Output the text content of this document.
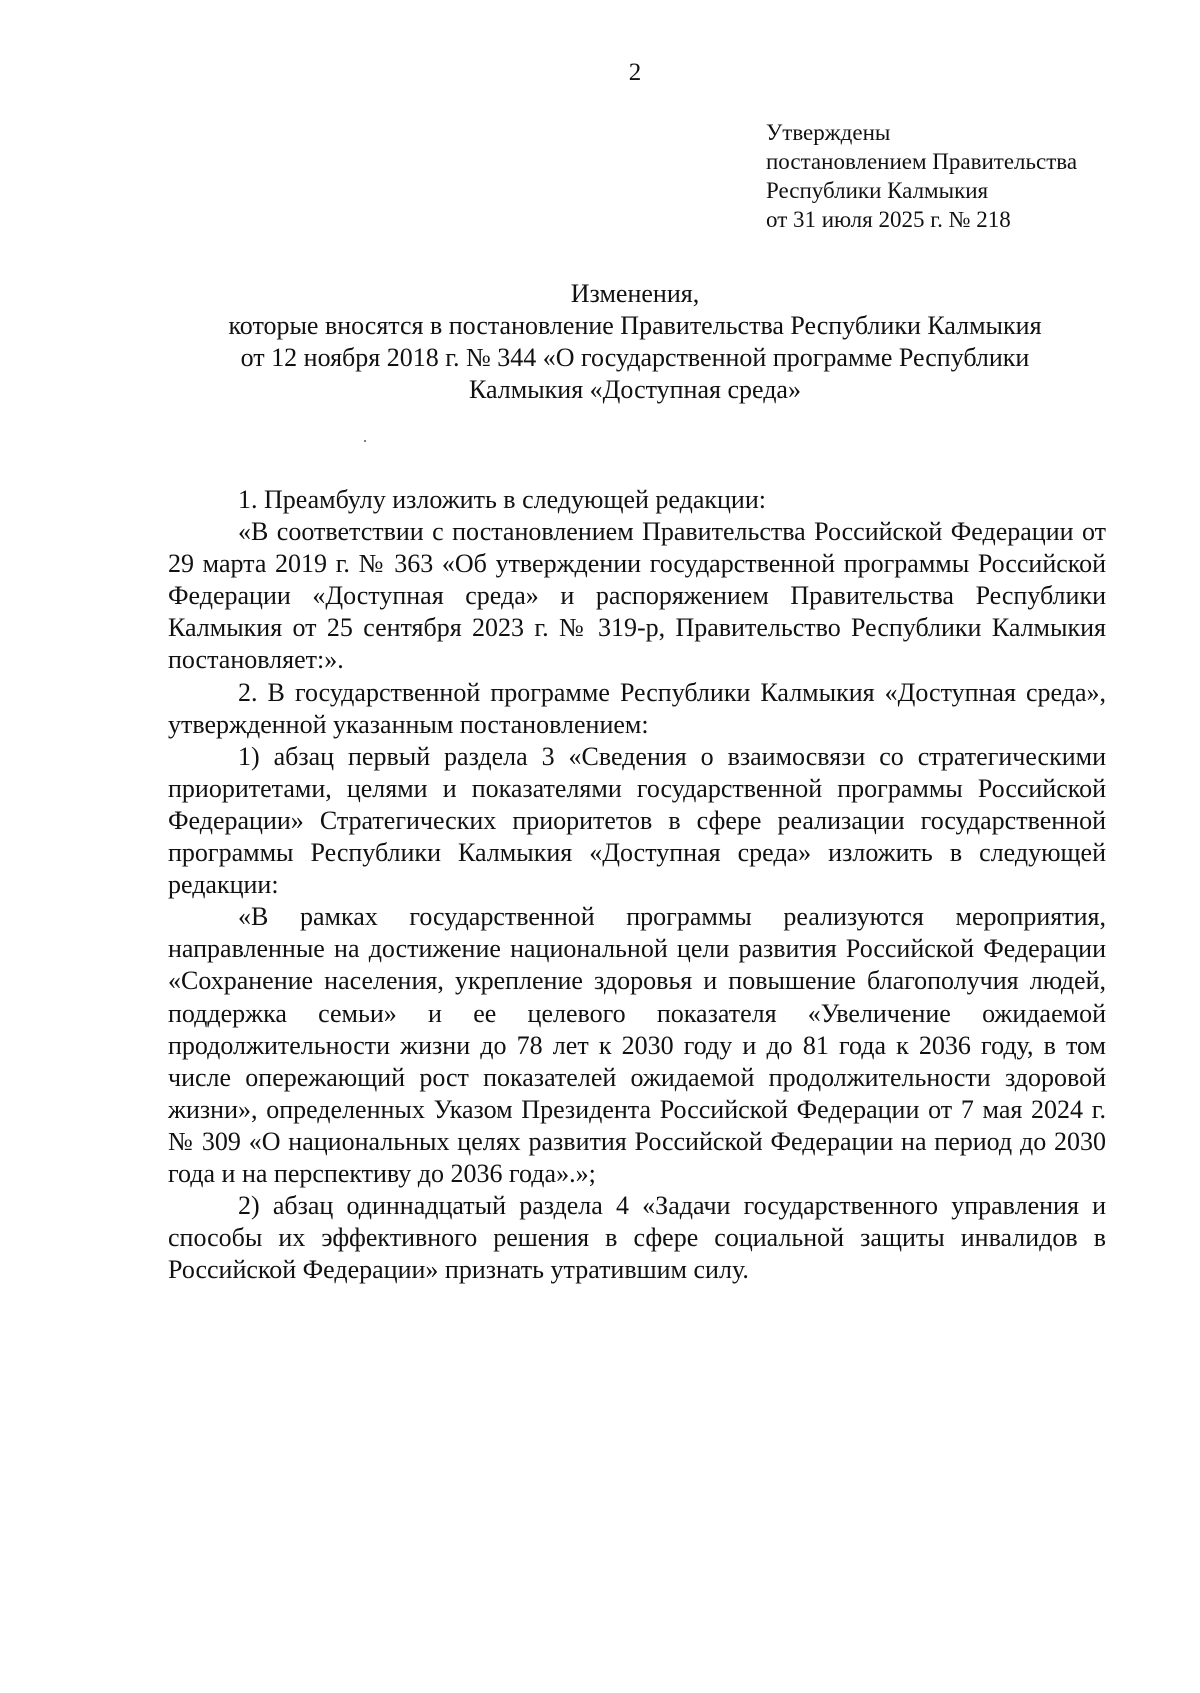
2
Утверждены
постановлением Правительства
Республики Калмыкия
от 31 июля 2025 г. № 218
Изменения,
которые вносятся в постановление Правительства Республики Калмыкия
от 12 ноября 2018 г. № 344 «О государственной программе Республики
Калмыкия «Доступная среда»

1. Преамбулу изложить в следующей редакции:

«В соответствии с постановлением Правительства Российской Федерации от 29 марта 2019 г. № 363 «Об утверждении государственной программы Российской Федерации «Доступная среда» и распоряжением Правительства Республики Калмыкия от 25 сентября 2023 г. № 319-р, Правительство Республики Калмыкия постановляет:».

2. В государственной программе Республики Калмыкия «Доступная среда», утвержденной указанным постановлением:

1) абзац первый раздела 3 «Сведения о взаимосвязи со стратегическими приоритетами, целями и показателями государственной программы Российской Федерации» Стратегических приоритетов в сфере реализации государственной программы Республики Калмыкия «Доступная среда» изложить в следующей редакции:

«В рамках государственной программы реализуются мероприятия, направленные на достижение национальной цели развития Российской Федерации «Сохранение населения, укрепление здоровья и повышение благополучия людей, поддержка семьи» и ее целевого показателя «Увеличение ожидаемой продолжительности жизни до 78 лет к 2030 году и до 81 года к 2036 году, в том числе опережающий рост показателей ожидаемой продолжительности здоровой жизни», определенных Указом Президента Российской Федерации от 7 мая 2024 г. № 309 «О национальных целях развития Российской Федерации на период до 2030 года и на перспективу до 2036 года».»;

2) абзац одиннадцатый раздела 4 «Задачи государственного управления и способы их эффективного решения в сфере социальной защиты инвалидов в Российской Федерации» признать утратившим силу.
